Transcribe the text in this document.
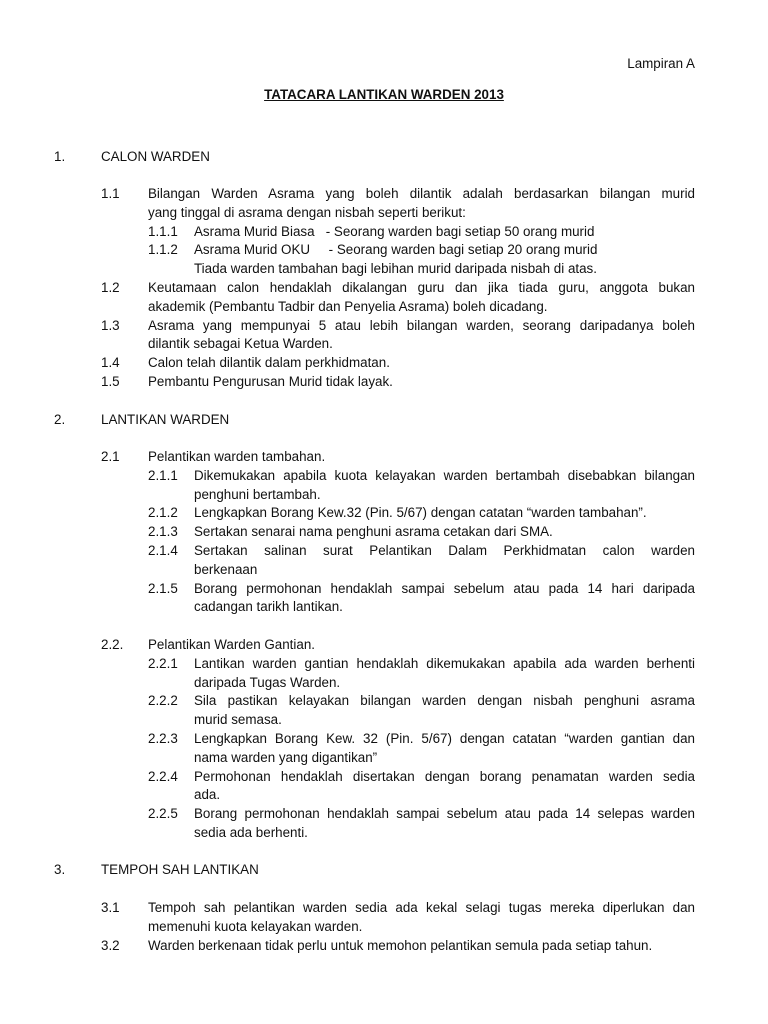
Lampiran A
TATACARA LANTIKAN WARDEN 2013
1.	CALON WARDEN
1.1	Bilangan Warden Asrama yang boleh dilantik adalah berdasarkan bilangan murid
yang tinggal di asrama dengan nisbah seperti berikut:
1.1.1	Asrama Murid Biasa   - Seorang warden bagi setiap 50 orang murid
1.1.2	Asrama Murid OKU     - Seorang warden bagi setiap 20 orang murid
Tiada warden tambahan bagi lebihan murid daripada nisbah di atas.
1.2	Keutamaan calon hendaklah dikalangan guru dan jika tiada guru, anggota bukan
akademik (Pembantu Tadbir dan Penyelia Asrama) boleh dicadang.
1.3	Asrama yang mempunyai 5 atau lebih bilangan warden, seorang daripadanya boleh
dilantik sebagai Ketua Warden.
1.4	Calon telah dilantik dalam perkhidmatan.
1.5	Pembantu Pengurusan Murid tidak layak.
2.	LANTIKAN WARDEN
2.1	Pelantikan warden tambahan.
2.1.1	Dikemukakan apabila kuota kelayakan warden bertambah disebabkan bilangan
penghuni bertambah.
2.1.2	Lengkapkan Borang Kew.32 (Pin. 5/67) dengan catatan “warden tambahan”.
2.1.3	Sertakan senarai nama penghuni asrama cetakan dari SMA.
2.1.4	Sertakan salinan surat Pelantikan Dalam Perkhidmatan calon warden
berkenaan
2.1.5	Borang permohonan hendaklah sampai sebelum atau pada 14 hari daripada
cadangan tarikh lantikan.
2.2.	Pelantikan Warden Gantian.
2.2.1	Lantikan warden gantian hendaklah dikemukakan apabila ada warden berhenti
daripada Tugas Warden.
2.2.2	Sila pastikan kelayakan bilangan warden dengan nisbah penghuni asrama
murid semasa.
2.2.3	Lengkapkan Borang Kew. 32 (Pin. 5/67) dengan catatan “warden gantian dan
nama warden yang digantikan”
2.2.4	Permohonan hendaklah disertakan dengan borang penamatan warden sedia
ada.
2.2.5	Borang permohonan hendaklah sampai sebelum atau pada 14 selepas warden
sedia ada berhenti.
3.	TEMPOH SAH LANTIKAN
3.1	Tempoh sah pelantikan warden sedia ada kekal selagi tugas mereka diperlukan dan
memenuhi kuota kelayakan warden.
3.2	Warden berkenaan tidak perlu untuk memohon pelantikan semula pada setiap tahun.
